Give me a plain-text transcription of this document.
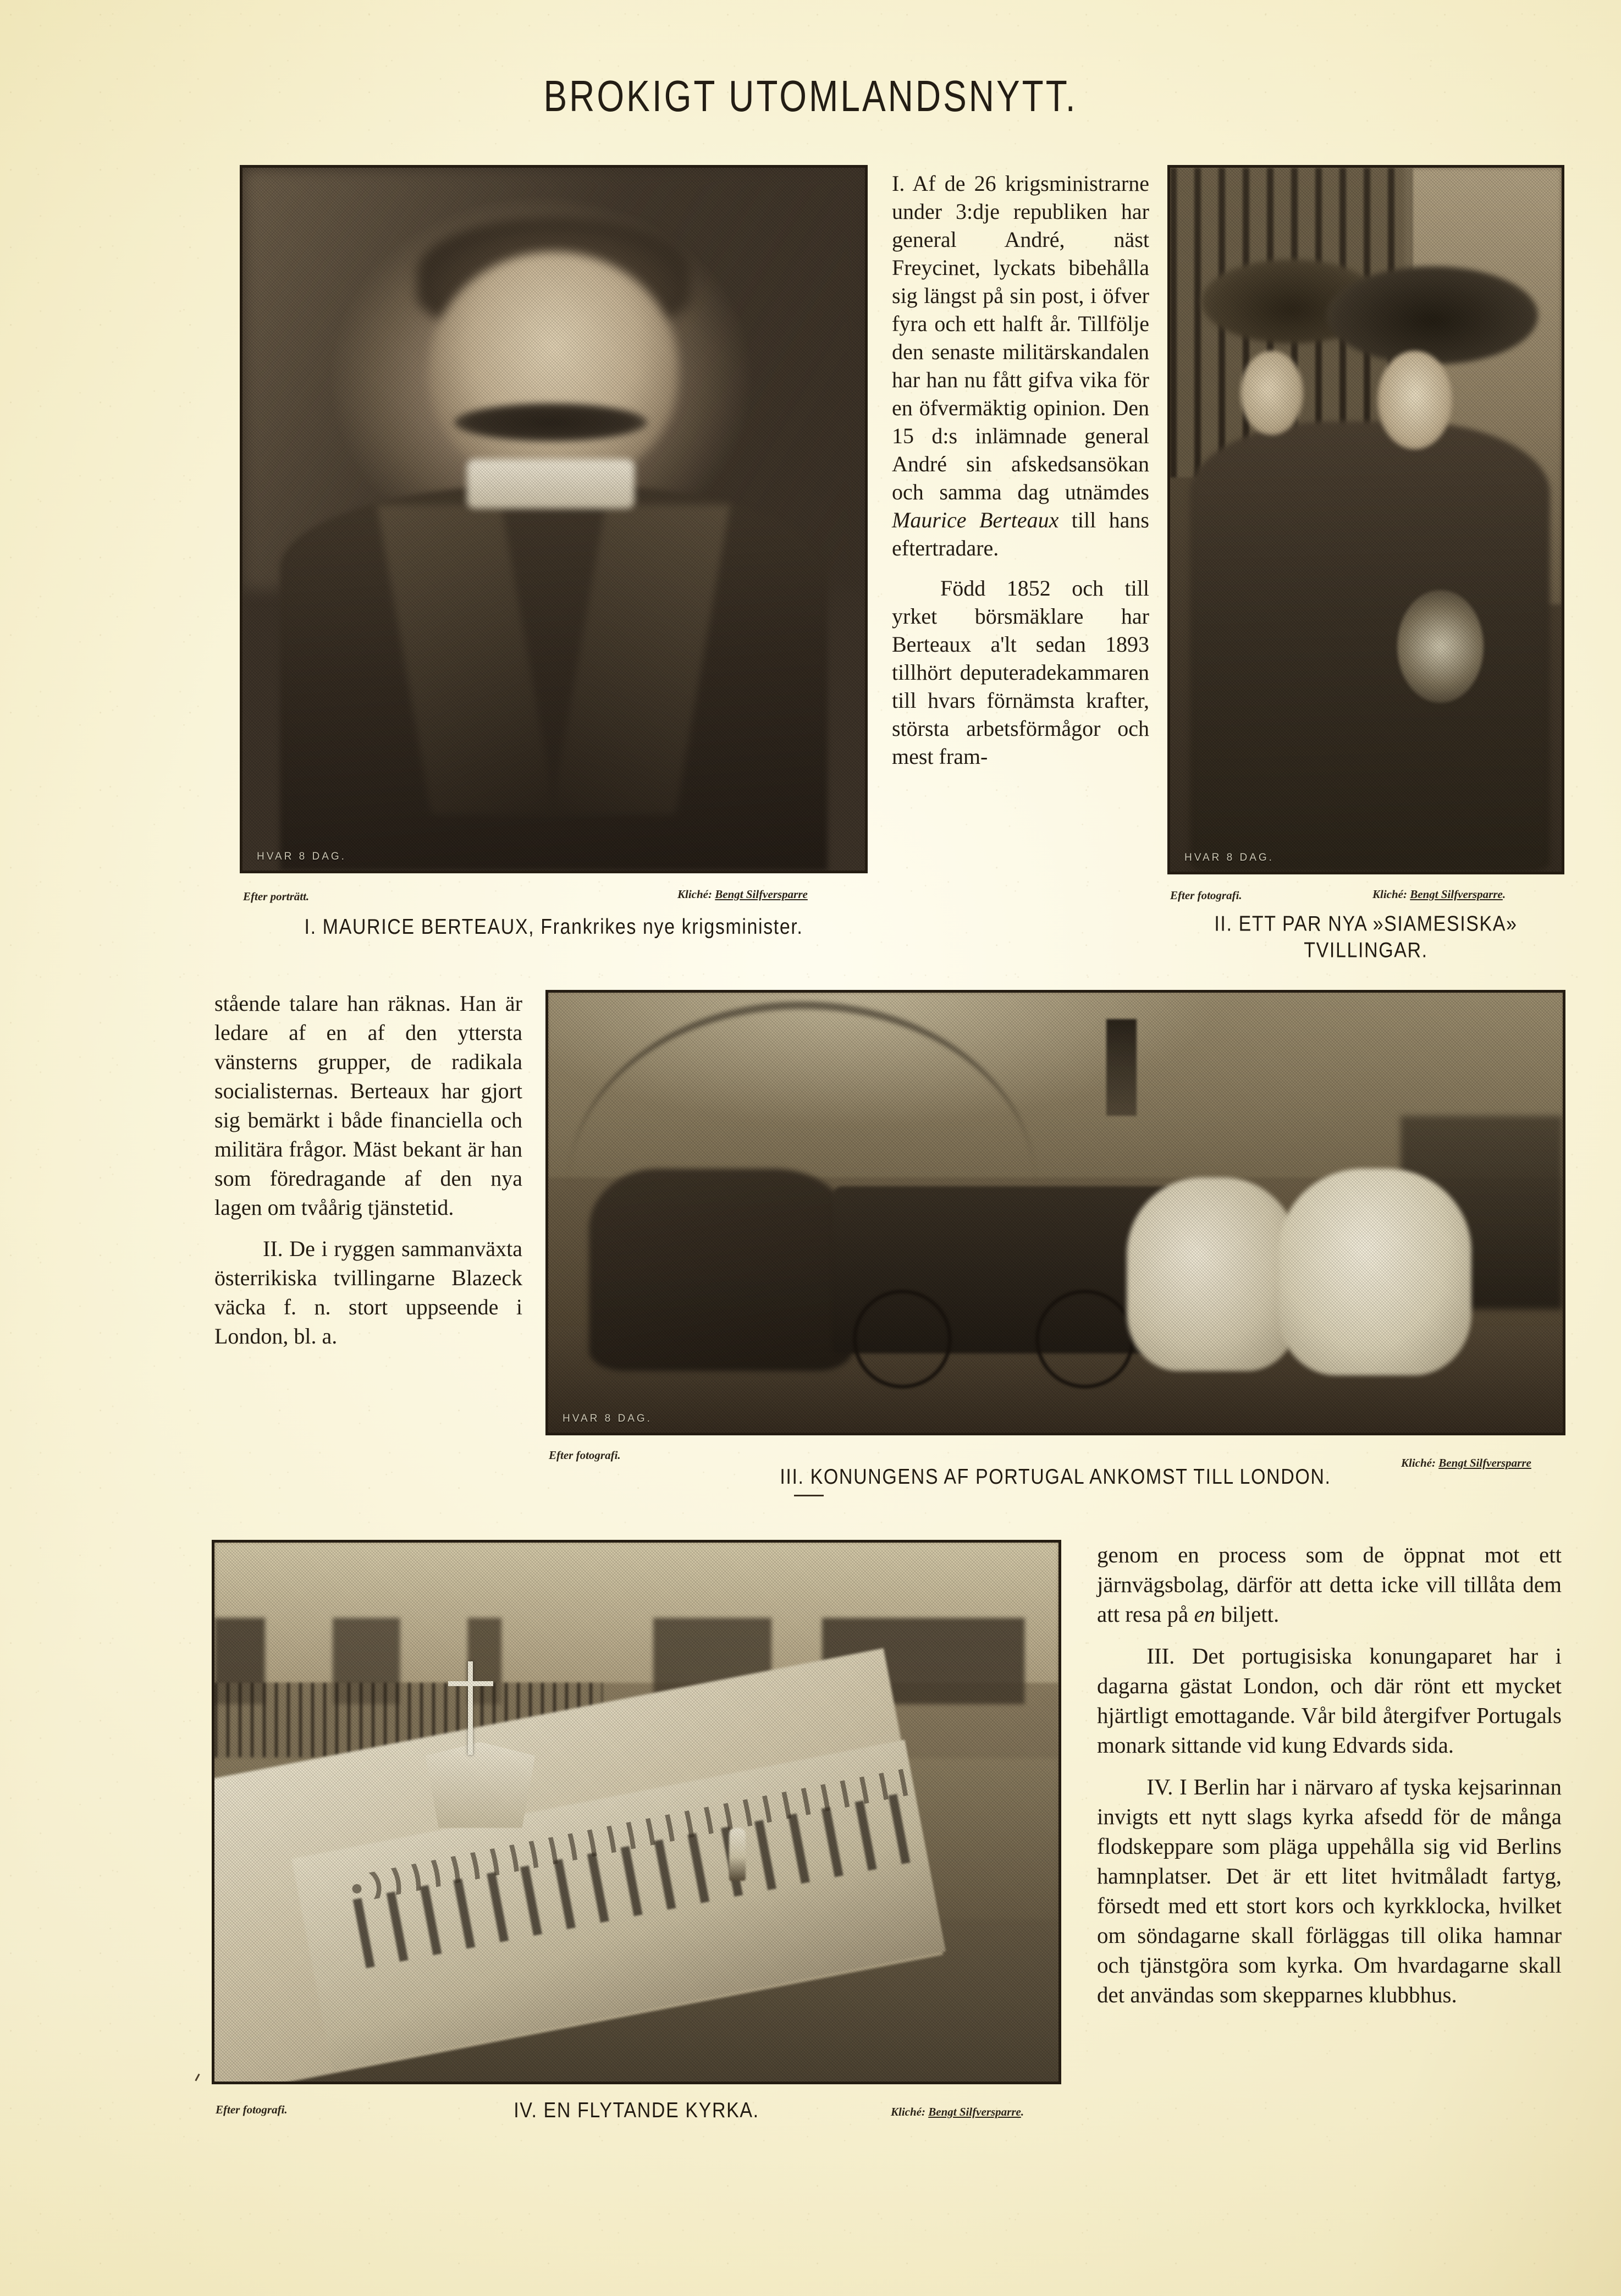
BROKIGT UTOMLANDSNYTT.
HVAR 8 DAG.
Efter porträtt.	Kliché: Bengt Silfversparre
I. MAURICE BERTEAUX, Frankrikes nye krigsminister.
HVAR 8 DAG.
Efter fotografi.	Kliché: Bengt Silfversparre.
II. ETT PAR NYA »SIAMESISKA»
TVILLINGAR.

I. Af de 26 krigsministrarne under 3:dje republiken har general André, näst Freycinet, lyckats bibehålla sig längst på sin post, i öfver fyra och ett halft år. Tillfölje den senaste militärskandalen har han nu fått gifva vika för en öfvermäktig opinion. Den 15 d:s inlämnade general André sin afskedsansökan och samma dag utnämdes Maurice Berteaux till hans eftertradare.

Född 1852 och till yrket börsmäklare har Berteaux a'lt sedan 1893 tillhört deputeradekammaren till hvars förnämsta krafter, största arbetsförmågor och mest fram-

HVAR 8 DAG.
Efter fotografi.
Kliché: Bengt Silfversparre
III. KONUNGENS AF PORTUGAL ANKOMST TILL LONDON.

stående talare han räknas. Han är ledare af en af den yttersta vänsterns grupper, de radikala socialisternas. Berteaux har gjort sig bemärkt i både financiella och militära frågor. Mäst bekant är han som föredragande af den nya lagen om tvåårig tjänstetid.

II. De i ryggen sammanväxta österrikiska tvillingarne Blazeck väcka f. n. stort uppseende i London, bl. a.

Efter fotografi.	Kliché: Bengt Silfversparre.
IV. EN FLYTANDE KYRKA.

genom en process som de öppnat mot ett järnvägsbolag, därför att detta icke vill tillåta dem att resa på en biljett.

III. Det portugisiska konungaparet har i dagarna gästat London, och där rönt ett mycket hjärtligt emottagande. Vår bild återgifver Portugals monark sittande vid kung Edvards sida.

IV. I Berlin har i närvaro af tyska kejsarinnan invigts ett nytt slags kyrka afsedd för de många flodskeppare som pläga uppehålla sig vid Berlins hamnplatser. Det är ett litet hvitmåladt fartyg, försedt med ett stort kors och kyrkklocka, hvilket om söndagarne skall förläggas till olika hamnar och tjänstgöra som kyrka. Om hvardagarne skall det användas som skepparnes klubbhus.
